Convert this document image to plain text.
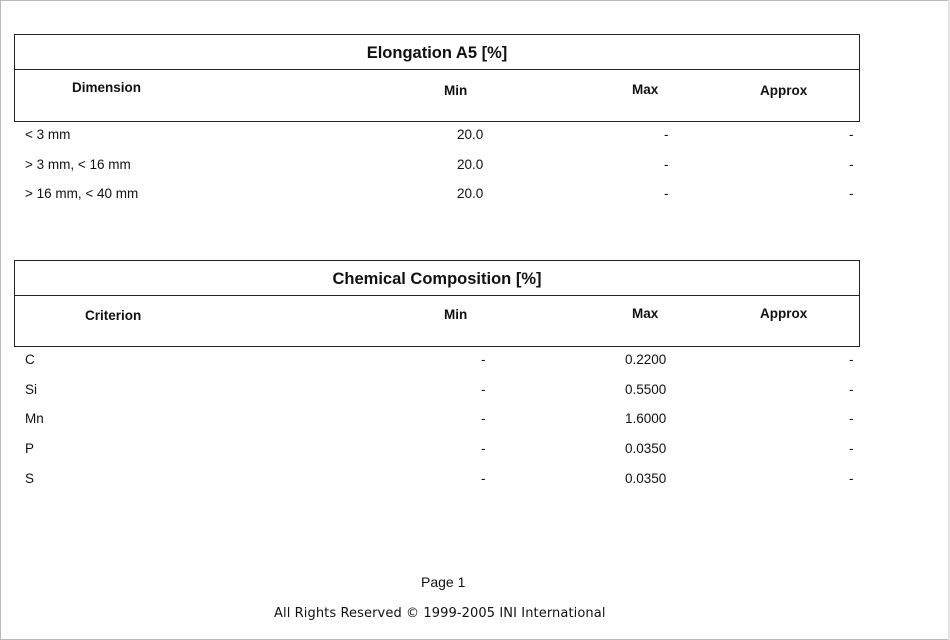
Elongation A5 [%]
Dimension	Min	Max	Approx
< 3 mm	20.0	-	-
> 3 mm, < 16 mm	20.0	-	-
> 16 mm, < 40 mm	20.0	-	-
Chemical Composition [%]
Criterion	Min	Max	Approx
C	-	0.2200	-
Si	-	0.5500	-
Mn	-	1.6000	-
P	-	0.0350	-
S	-	0.0350	-
Page 1
All Rights Reserved © 1999-2005 INI International
